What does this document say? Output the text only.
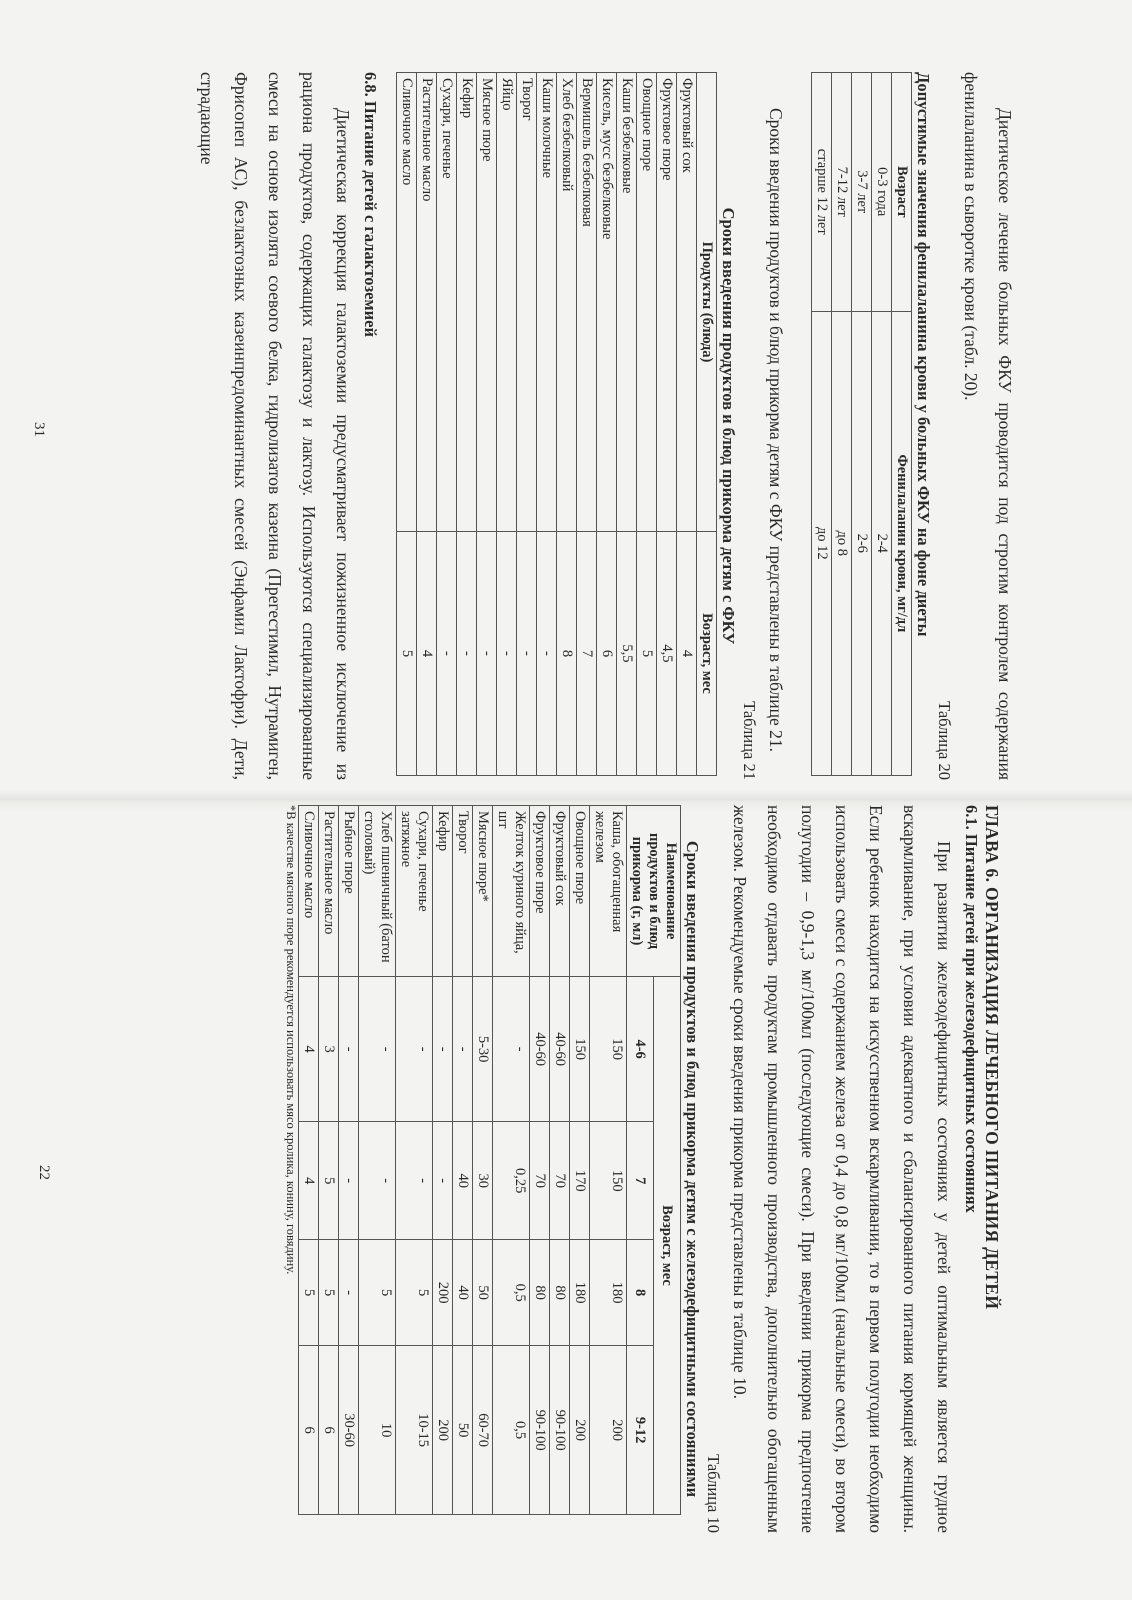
ГЛАВА 6. ОРГАНИЗАЦИЯ ЛЕЧЕБНОГО ПИТАНИЯ ДЕТЕЙ

6.1. Питание детей при железодефицитных состояниях

При развитии железодефицитных состояниях у детей оптимальным является грудное вскармливание, при условии адекватного и сбалансированного питания кормящей женщины. Если ребенок находится на искусственном вскармливании, то в первом полугодии необходимо использовать смеси с содержанием железа от 0,4 до 0,8 мг/100мл (начальные смеси), во втором полугодии – 0,9-1,3 мг/100мл (последующие смеси). При введении прикорма предпочтение необходимо отдавать продуктам промышленного производства, дополнительно обогащенным железом. Рекомендуемые сроки введения прикорма представлены в таблице 10.

Таблица 10

Сроки введения продуктов и блюд прикорма детям с железодефицитными состояниями

Наименование продуктов и блюд прикорма (г, мл)	Возраст, мес			
	4-6	7	8	9-12
Каша, обогащенная железом	150	150	180	200
Овощное пюре	150	170	180	200
Фруктовый сок	40-60	70	80	90-100
Фруктовое пюре	40-60	70	80	90-100
Желток куриного яйца, шт	-	0,25	0,5	0,5
Мясное пюре*	5-30	30	50	60-70
Творог	-	40	40	50
Кефир	-	-	200	200
Сухари, печенье затяжное	-	-	5	10-15
Хлеб пшеничный (батон столовый)	-	-	5	10
Рыбное пюре	-	-	-	30-60
Растительное масло	3	5	5	6
Сливочное масло	4	4	5	6

*В качестве мясного пюре рекомендуется использовать мясо кролика, конину, говядину.

22

Диетическое лечение больных ФКУ проводится под строгим контролем содержания фенилаланина в сыворотке крови (табл. 20).

Таблица 20

Допустимые значения фенилаланина крови у больных ФКУ на фоне диеты

Возраст	Фенилаланин крови, мг/дл
0-3 года	2-4
3-7 лет	2-6
7-12 лет	до 8
старше 12 лет	до 12

Сроки введения продуктов и блюд прикорма детям с ФКУ представлены в таблице 21.

Таблица 21

Сроки введения продуктов и блюд прикорма детям с ФКУ

Продукты (блюда)	Возраст, мес
Фруктовый сок	4
Фруктовое пюре	4,5
Овощное пюре	5
Каши безбелковые	5,5
Кисель, мусс безбелковые	6
Вермишель безбелковая	7
Хлеб безбелковый	8
Каши молочные	-
Творог	-
Яйцо	-
Мясное пюре	-
Кефир	-
Сухари, печенье	-
Растительное масло	4
Сливочное масло	5

6.8. Питание детей с галактоземией

Диетическая коррекция галактоземии предусматривает пожизненное исключение из рациона продуктов, содержащих галактозу и лактозу. Используются специализированные смеси на основе изолята соевого белка, гидролизатов казеина (Прегестимил, Нутрамиген, Фрисопеп АС), безлактозных казеинпредоминантных смесей (Энфамил Лактофри). Дети, страдающие

31
